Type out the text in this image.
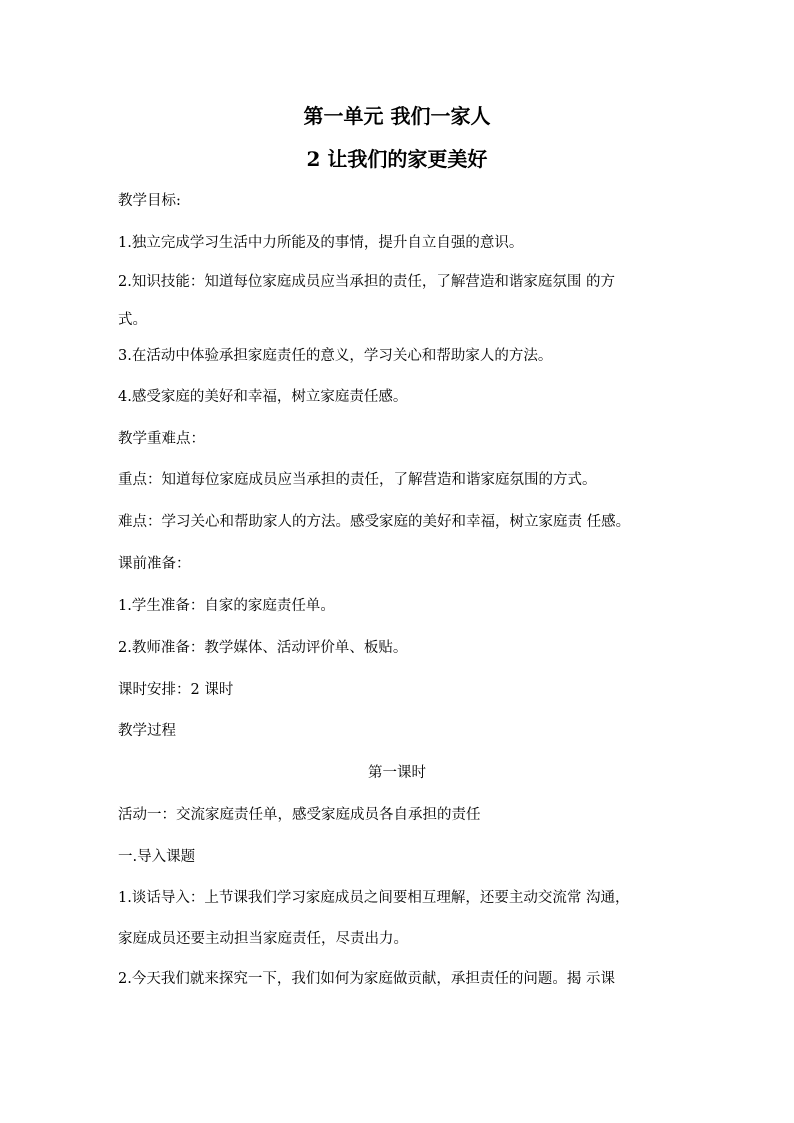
第一单元 我们一家人
2 让我们的家更美好
教学目标:
1.独立完成学习生活中力所能及的事情，提升自立自强的意识。
2.知识技能：知道每位家庭成员应当承担的责任，了解营造和谐家庭氛围 的方
式。
3.在活动中体验承担家庭责任的意义，学习关心和帮助家人的方法。
4.感受家庭的美好和幸福，树立家庭责任感。
教学重难点：
重点：知道每位家庭成员应当承担的责任，了解营造和谐家庭氛围的方式。
难点：学习关心和帮助家人的方法。感受家庭的美好和幸福，树立家庭责 任感。
课前准备：
1.学生准备：自家的家庭责任单。
2.教师准备：教学媒体、活动评价单、板贴。
课时安排：2 课时
教学过程
第一课时
活动一：交流家庭责任单，感受家庭成员各自承担的责任
一.导入课题
1.谈话导入：上节课我们学习家庭成员之间要相互理解，还要主动交流常 沟通，
家庭成员还要主动担当家庭责任，尽责出力。
2.今天我们就来探究一下，我们如何为家庭做贡献，承担责任的问题。揭 示课
